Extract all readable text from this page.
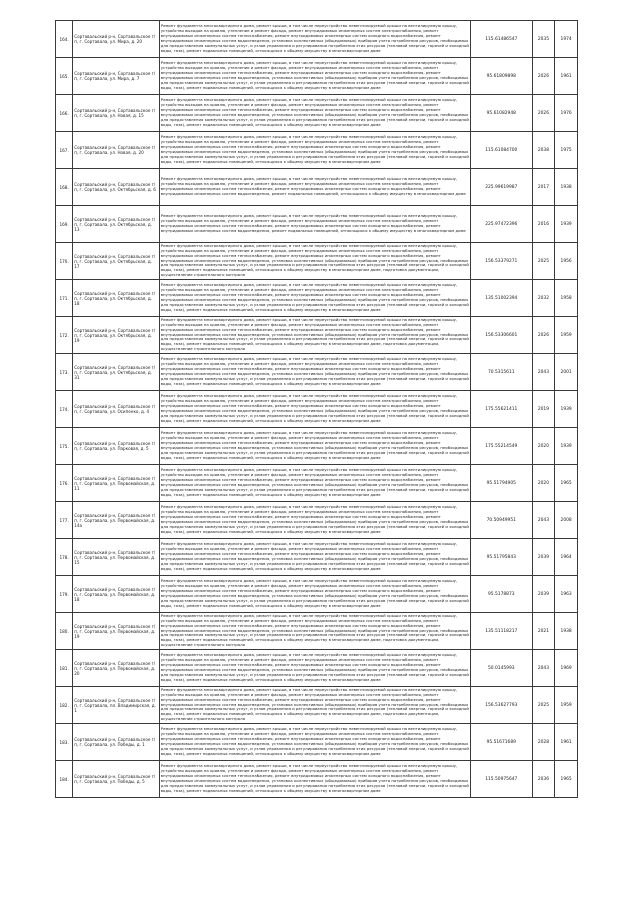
164.	Сортавальский р-н, Сортавальское г/п, г. Сортавала, ул. Мира, д. 20	Ремонт фундамента многоквартирного дома, ремонт крыши, в том числе переустройство невентилируемой крыши на вентилируемую крышу, устройство выходов на кровлю, утепление и ремонт фасада, ремонт внутридомовых инженерных систем электроснабжения, ремонт внутридомовых инженерных систем теплоснабжения, ремонт внутридомовых инженерных систем холодного водоснабжения, ремонт внутридомовых инженерных систем водоотведения, установка коллективных (общедомовых) приборов учета потребления ресурсов, необходимых для предоставления коммунальных услуг, и узлов управления и регулирования потребления этих ресурсов (тепловой энергии, горячей и холодной воды, газа), ремонт подвальных помещений, относящихся к общему имуществу в многоквартирном доме	115.61486547	2035	1974
165.	Сортавальский р-н, Сортавальское г/п, г. Сортавала, ул. Мира, д. 7	Ремонт фундамента многоквартирного дома, ремонт крыши, в том числе переустройство невентилируемой крыши на вентилируемую крышу, устройство выходов на кровлю, утепление и ремонт фасада, ремонт внутридомовых инженерных систем электроснабжения, ремонт внутридомовых инженерных систем теплоснабжения, ремонт внутридомовых инженерных систем холодного водоснабжения, ремонт внутридомовых инженерных систем водоотведения, установка коллективных (общедомовых) приборов учета потребления ресурсов, необходимых для предоставления коммунальных услуг, и узлов управления и регулирования потребления этих ресурсов (тепловой энергии, горячей и холодной воды, газа), ремонт подвальных помещений, относящихся к общему имуществу в многоквартирном доме	95.61809898	2026	1961
166.	Сортавальский р-н, Сортавальское г/п, г. Сортавала, ул. Новая, д. 15	Ремонт фундамента многоквартирного дома, ремонт крыши, в том числе переустройство невентилируемой крыши на вентилируемую крышу, устройство выходов на кровлю, утепление и ремонт фасада, ремонт внутридомовых инженерных систем электроснабжения, ремонт внутридомовых инженерных систем теплоснабжения, ремонт внутридомовых инженерных систем холодного водоснабжения, ремонт внутридомовых инженерных систем водоотведения, установка коллективных (общедомовых) приборов учета потребления ресурсов, необходимых для предоставления коммунальных услуг, и узлов управления и регулирования потребления этих ресурсов (тепловой энергии, горячей и холодной воды, газа), ремонт подвальных помещений, относящихся к общему имуществу в многоквартирном доме	95.61082948	2026	1976
167.	Сортавальский р-н, Сортавальское г/п, г. Сортавала, ул. Новая, д. 20	Ремонт фундамента многоквартирного дома, ремонт крыши, в том числе переустройство невентилируемой крыши на вентилируемую крышу, устройство выходов на кровлю, утепление и ремонт фасада, ремонт внутридомовых инженерных систем электроснабжения, ремонт внутридомовых инженерных систем теплоснабжения, ремонт внутридомовых инженерных систем холодного водоснабжения, ремонт внутридомовых инженерных систем водоотведения, установка коллективных (общедомовых) приборов учета потребления ресурсов, необходимых для предоставления коммунальных услуг, и узлов управления и регулирования потребления этих ресурсов (тепловой энергии, горячей и холодной воды, газа), ремонт подвальных помещений, относящихся к общему имуществу в многоквартирном доме	115.61084700	2038	1975
168.	Сортавальский р-н, Сортавальское г/п, г. Сортавала, ул. Октябрьская, д. 6	Ремонт фундамента многоквартирного дома, ремонт крыши, в том числе переустройство невентилируемой крыши на вентилируемую крышу, устройство выходов на кровлю, утепление и ремонт фасада, ремонт внутридомовых инженерных систем электроснабжения, ремонт внутридомовых инженерных систем теплоснабжения, ремонт внутридомовых инженерных систем холодного водоснабжения, ремонт внутридомовых инженерных систем водоотведения, ремонт подвальных помещений, относящихся к общему имуществу в многоквартирном доме	225.99619987	2017	1938
169.	Сортавальский р-н, Сортавальское г/п, г. Сортавала, ул. Октябрьская, д. 13	Ремонт фундамента многоквартирного дома, ремонт крыши, в том числе переустройство невентилируемой крыши на вентилируемую крышу, устройство выходов на кровлю, утепление и ремонт фасада, ремонт внутридомовых инженерных систем электроснабжения, ремонт внутридомовых инженерных систем теплоснабжения, ремонт внутридомовых инженерных систем холодного водоснабжения, ремонт внутридомовых инженерных систем водоотведения, ремонт подвальных помещений, относящихся к общему имуществу в многоквартирном доме	225.97472396	2016	1939
170.	Сортавальский р-н, Сортавальское г/п, г. Сортавала, ул. Октябрьская, д. 17	Ремонт фундамента многоквартирного дома, ремонт крыши, в том числе переустройство невентилируемой крыши на вентилируемую крышу, устройство выходов на кровлю, утепление и ремонт фасада, ремонт внутридомовых инженерных систем электроснабжения, ремонт внутридомовых инженерных систем теплоснабжения, ремонт внутридомовых инженерных систем холодного водоснабжения, ремонт внутридомовых инженерных систем водоотведения, установка коллективных (общедомовых) приборов учета потребления ресурсов, необходимых для предоставления коммунальных услуг, и узлов управления и регулирования потребления этих ресурсов (тепловой энергии, горячей и холодной воды, газа), ремонт подвальных помещений, относящихся к общему имуществу в многоквартирном доме, подготовка документации, осуществление строительного контроля	156.53379271	2025	1956
171.	Сортавальский р-н, Сортавальское г/п, г. Сортавала, ул. Октябрьская, д. 18	Ремонт фундамента многоквартирного дома, ремонт крыши, в том числе переустройство невентилируемой крыши на вентилируемую крышу, устройство выходов на кровлю, утепление и ремонт фасада, ремонт внутридомовых инженерных систем электроснабжения, ремонт внутридомовых инженерных систем теплоснабжения, ремонт внутридомовых инженерных систем холодного водоснабжения, ремонт внутридомовых инженерных систем водоотведения, установка коллективных (общедомовых) приборов учета потребления ресурсов, необходимых для предоставления коммунальных услуг, и узлов управления и регулирования потребления этих ресурсов (тепловой энергии, горячей и холодной воды, газа), ремонт подвальных помещений, относящихся к общему имуществу в многоквартирном доме	135.51002394	2032	1958
172.	Сортавальский р-н, Сортавальское г/п, г. Сортавала, ул. Октябрьская, д. 19	Ремонт фундамента многоквартирного дома, ремонт крыши, в том числе переустройство невентилируемой крыши на вентилируемую крышу, устройство выходов на кровлю, утепление и ремонт фасада, ремонт внутридомовых инженерных систем электроснабжения, ремонт внутридомовых инженерных систем теплоснабжения, ремонт внутридомовых инженерных систем холодного водоснабжения, ремонт внутридомовых инженерных систем водоотведения, установка коллективных (общедомовых) приборов учета потребления ресурсов, необходимых для предоставления коммунальных услуг, и узлов управления и регулирования потребления этих ресурсов (тепловой энергии, горячей и холодной воды, газа), ремонт подвальных помещений, относящихся к общему имуществу в многоквартирном доме, подготовка документации, осуществление строительного контроля	156.53306601	2026	1959
173.	Сортавальский р-н, Сортавальское г/п, г. Сортавала, ул. Октябрьская, д. 31	Ремонт фундамента многоквартирного дома, ремонт крыши, в том числе переустройство невентилируемой крыши на вентилируемую крышу, устройство выходов на кровлю, утепление и ремонт фасада, ремонт внутридомовых инженерных систем электроснабжения, ремонт внутридомовых инженерных систем теплоснабжения, ремонт внутридомовых инженерных систем холодного водоснабжения, ремонт внутридомовых инженерных систем водоотведения, установка коллективных (общедомовых) приборов учета потребления ресурсов, необходимых для предоставления коммунальных услуг, и узлов управления и регулирования потребления этих ресурсов (тепловой энергии, горячей и холодной воды, газа), ремонт подвальных помещений, относящихся к общему имуществу в многоквартирном доме	70.5315611	2043	2001
174.	Сортавальский р-н, Сортавальское г/п, г. Сортавала, ул. Осипенко, д. 4	Ремонт фундамента многоквартирного дома, ремонт крыши, в том числе переустройство невентилируемой крыши на вентилируемую крышу, устройство выходов на кровлю, утепление и ремонт фасада, ремонт внутридомовых инженерных систем электроснабжения, ремонт внутридомовых инженерных систем теплоснабжения, ремонт внутридомовых инженерных систем холодного водоснабжения, ремонт внутридомовых инженерных систем водоотведения, установка коллективных (общедомовых) приборов учета потребления ресурсов, необходимых для предоставления коммунальных услуг, и узлов управления и регулирования потребления этих ресурсов (тепловой энергии, горячей и холодной воды, газа), ремонт подвальных помещений, относящихся к общему имуществу в многоквартирном доме	175.55621411	2019	1939
175.	Сортавальский р-н, Сортавальское г/п, г. Сортавала, ул. Парковая, д. 5	Ремонт фундамента многоквартирного дома, ремонт крыши, в том числе переустройство невентилируемой крыши на вентилируемую крышу, устройство выходов на кровлю, утепление и ремонт фасада, ремонт внутридомовых инженерных систем электроснабжения, ремонт внутридомовых инженерных систем теплоснабжения, ремонт внутридомовых инженерных систем холодного водоснабжения, ремонт внутридомовых инженерных систем водоотведения, установка коллективных (общедомовых) приборов учета потребления ресурсов, необходимых для предоставления коммунальных услуг, и узлов управления и регулирования потребления этих ресурсов (тепловой энергии, горячей и холодной воды, газа), ремонт подвальных помещений, относящихся к общему имуществу в многоквартирном доме	175.55214549	2020	1939
176.	Сортавальский р-н, Сортавальское г/п, г. Сортавала, ул. Первомайская, д. 11	Ремонт фундамента многоквартирного дома, ремонт крыши, в том числе переустройство невентилируемой крыши на вентилируемую крышу, устройство выходов на кровлю, утепление и ремонт фасада, ремонт внутридомовых инженерных систем электроснабжения, ремонт внутридомовых инженерных систем теплоснабжения, ремонт внутридомовых инженерных систем холодного водоснабжения, ремонт внутридомовых инженерных систем водоотведения, установка коллективных (общедомовых) приборов учета потребления ресурсов, необходимых для предоставления коммунальных услуг, и узлов управления и регулирования потребления этих ресурсов (тепловой энергии, горячей и холодной воды, газа), ремонт подвальных помещений, относящихся к общему имуществу в многоквартирном доме	95.51794905	2020	1965
177.	Сортавальский р-н, Сортавальское г/п, г. Сортавала, ул. Первомайская, д. 14а	Ремонт фундамента многоквартирного дома, ремонт крыши, в том числе переустройство невентилируемой крыши на вентилируемую крышу, устройство выходов на кровлю, утепление и ремонт фасада, ремонт внутридомовых инженерных систем электроснабжения, ремонт внутридомовых инженерных систем теплоснабжения, ремонт внутридомовых инженерных систем холодного водоснабжения, ремонт внутридомовых инженерных систем водоотведения, установка коллективных (общедомовых) приборов учета потребления ресурсов, необходимых для предоставления коммунальных услуг, и узлов управления и регулирования потребления этих ресурсов (тепловой энергии, горячей и холодной воды, газа), ремонт подвальных помещений, относящихся к общему имуществу в многоквартирном доме	70.50949951	2043	2008
178.	Сортавальский р-н, Сортавальское г/п, г. Сортавала, ул. Первомайская, д. 15	Ремонт фундамента многоквартирного дома, ремонт крыши, в том числе переустройство невентилируемой крыши на вентилируемую крышу, устройство выходов на кровлю, утепление и ремонт фасада, ремонт внутридомовых инженерных систем электроснабжения, ремонт внутридомовых инженерных систем теплоснабжения, ремонт внутридомовых инженерных систем холодного водоснабжения, ремонт внутридомовых инженерных систем водоотведения, установка коллективных (общедомовых) приборов учета потребления ресурсов, необходимых для предоставления коммунальных услуг, и узлов управления и регулирования потребления этих ресурсов (тепловой энергии, горячей и холодной воды, газа), ремонт подвальных помещений, относящихся к общему имуществу в многоквартирном доме	95.51795843	2039	1964
179.	Сортавальский р-н, Сортавальское г/п, г. Сортавала, ул. Первомайская, д. 18	Ремонт фундамента многоквартирного дома, ремонт крыши, в том числе переустройство невентилируемой крыши на вентилируемую крышу, устройство выходов на кровлю, утепление и ремонт фасада, ремонт внутридомовых инженерных систем электроснабжения, ремонт внутридомовых инженерных систем теплоснабжения, ремонт внутридомовых инженерных систем холодного водоснабжения, ремонт внутридомовых инженерных систем водоотведения, установка коллективных (общедомовых) приборов учета потребления ресурсов, необходимых для предоставления коммунальных услуг, и узлов управления и регулирования потребления этих ресурсов (тепловой энергии, горячей и холодной воды, газа), ремонт подвальных помещений, относящихся к общему имуществу в многоквартирном доме	95.5178873	2039	1963
180.	Сортавальский р-н, Сортавальское г/п, г. Сортавала, ул. Первомайская, д. 19	Ремонт фундамента многоквартирного дома, ремонт крыши, в том числе переустройство невентилируемой крыши на вентилируемую крышу, устройство выходов на кровлю, утепление и ремонт фасада, ремонт внутридомовых инженерных систем электроснабжения, ремонт внутридомовых инженерных систем теплоснабжения, ремонт внутридомовых инженерных систем холодного водоснабжения, ремонт внутридомовых инженерных систем водоотведения, установка коллективных (общедомовых) приборов учета потребления ресурсов, необходимых для предоставления коммунальных услуг, и узлов управления и регулирования потребления этих ресурсов (тепловой энергии, горячей и холодной воды, газа), ремонт подвальных помещений, относящихся к общему имуществу в многоквартирном доме, подготовка документации, осуществление строительного контроля	135.51118217	2021	1938
181.	Сортавальский р-н, Сортавальское г/п, г. Сортавала, ул. Первомайская, д. 20	Ремонт фундамента многоквартирного дома, ремонт крыши, в том числе переустройство невентилируемой крыши на вентилируемую крышу, устройство выходов на кровлю, утепление и ремонт фасада, ремонт внутридомовых инженерных систем электроснабжения, ремонт внутридомовых инженерных систем теплоснабжения, ремонт внутридомовых инженерных систем холодного водоснабжения, ремонт внутридомовых инженерных систем водоотведения, установка коллективных (общедомовых) приборов учета потребления ресурсов, необходимых для предоставления коммунальных услуг, и узлов управления и регулирования потребления этих ресурсов (тепловой энергии, горячей и холодной воды, газа), ремонт подвальных помещений, относящихся к общему имуществу в многоквартирном доме	50.0145993	2043	1969
182.	Сортавальский р-н, Сортавальское г/п, г. Сортавала, пл. Владимирская, д. 1	Ремонт фундамента многоквартирного дома, ремонт крыши, в том числе переустройство невентилируемой крыши на вентилируемую крышу, устройство выходов на кровлю, утепление и ремонт фасада, ремонт внутридомовых инженерных систем электроснабжения, ремонт внутридомовых инженерных систем теплоснабжения, ремонт внутридомовых инженерных систем холодного водоснабжения, ремонт внутридомовых инженерных систем водоотведения, установка коллективных (общедомовых) приборов учета потребления ресурсов, необходимых для предоставления коммунальных услуг, и узлов управления и регулирования потребления этих ресурсов (тепловой энергии, горячей и холодной воды, газа), ремонт подвальных помещений, относящихся к общему имуществу в многоквартирном доме, подготовка документации, осуществление строительного контроля	156.53627793	2025	1959
183.	Сортавальский р-н, Сортавальское г/п, г. Сортавала, ул. Победы, д. 1	Ремонт фундамента многоквартирного дома, ремонт крыши, в том числе переустройство невентилируемой крыши на вентилируемую крышу, устройство выходов на кровлю, утепление и ремонт фасада, ремонт внутридомовых инженерных систем электроснабжения, ремонт внутридомовых инженерных систем теплоснабжения, ремонт внутридомовых инженерных систем холодного водоснабжения, ремонт внутридомовых инженерных систем водоотведения, установка коллективных (общедомовых) приборов учета потребления ресурсов, необходимых для предоставления коммунальных услуг, и узлов управления и регулирования потребления этих ресурсов (тепловой энергии, горячей и холодной воды, газа), ремонт подвальных помещений, относящихся к общему имуществу в многоквартирном доме	95.51671689	2028	1961
184.	Сортавальский р-н, Сортавальское г/п, г. Сортавала, ул. Победы, д. 5	Ремонт фундамента многоквартирного дома, ремонт крыши, в том числе переустройство невентилируемой крыши на вентилируемую крышу, устройство выходов на кровлю, утепление и ремонт фасада, ремонт внутридомовых инженерных систем электроснабжения, ремонт внутридомовых инженерных систем теплоснабжения, ремонт внутридомовых инженерных систем холодного водоснабжения, ремонт внутридомовых инженерных систем водоотведения, установка коллективных (общедомовых) приборов учета потребления ресурсов, необходимых для предоставления коммунальных услуг, и узлов управления и регулирования потребления этих ресурсов (тепловой энергии, горячей и холодной воды, газа), ремонт подвальных помещений, относящихся к общему имуществу в многоквартирном доме	115.50975647	2036	1965
